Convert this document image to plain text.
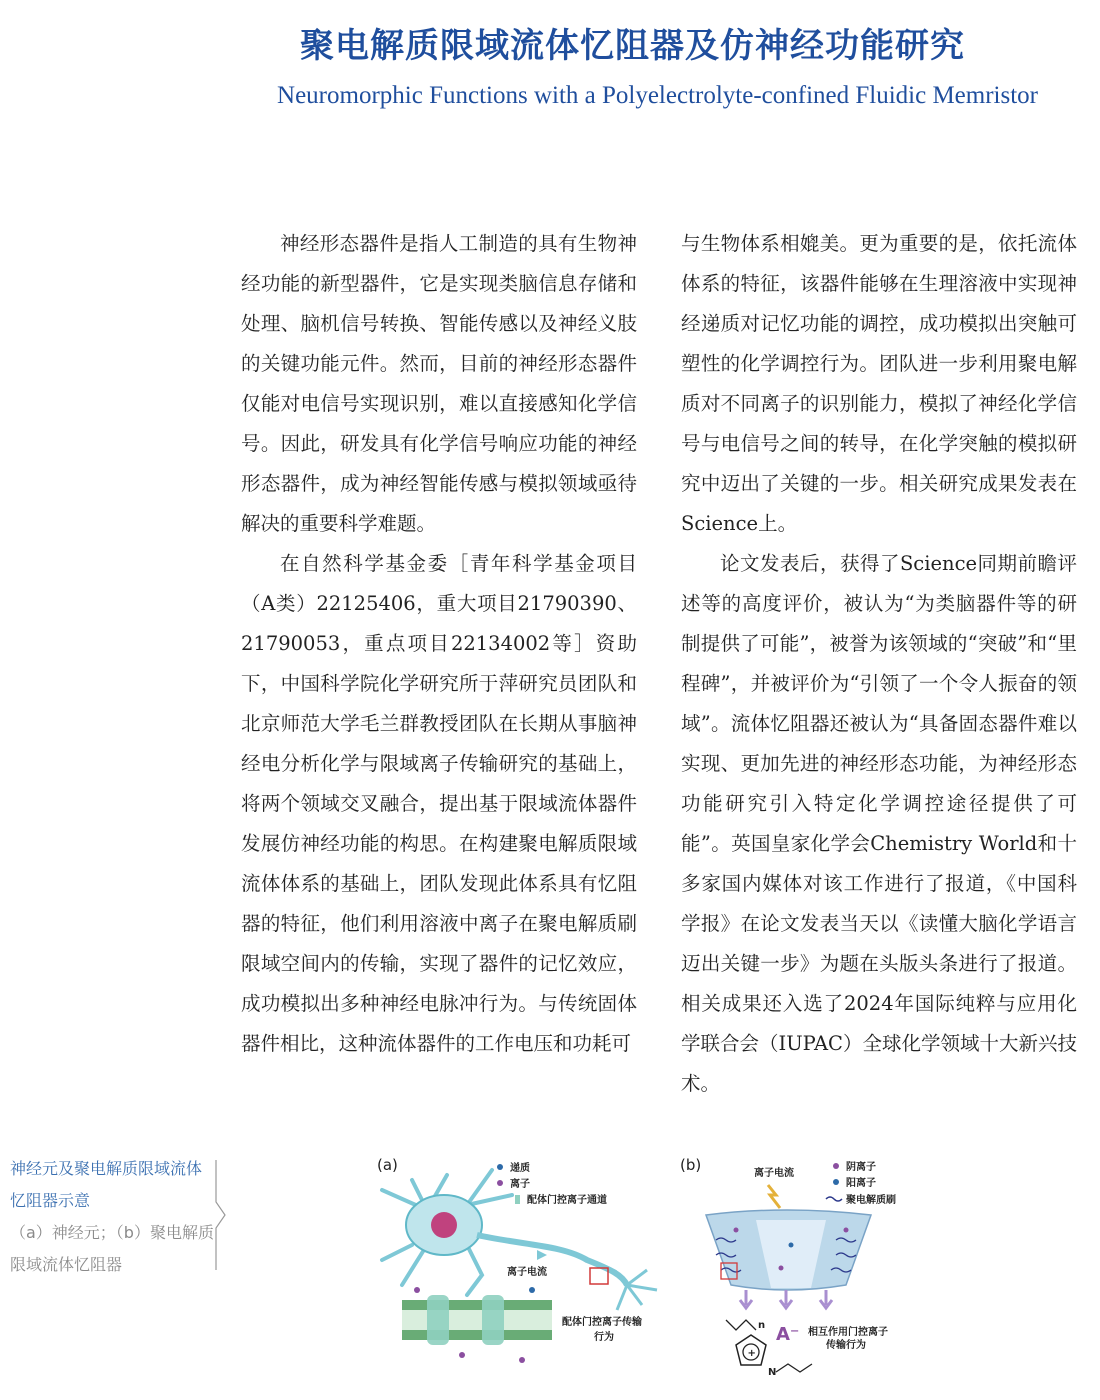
聚电解质限域流体忆阻器及仿神经功能研究
Neuromorphic Functions with a Polyelectrolyte-confined Fluidic Memristor

神经形态器件是指人工制造的具有生物神经功能的新型器件，它是实现类脑信息存储和处理、脑机信号转换、智能传感以及神经义肢的关键功能元件。然而，目前的神经形态器件仅能对电信号实现识别，难以直接感知化学信号。因此，研发具有化学信号响应功能的神经形态器件，成为神经智能传感与模拟领域亟待解决的重要科学难题。

在自然科学基金委［青年科学基金项目（A类）22125406，重大项目21790390、21790053，重点项目22134002等］资助下，中国科学院化学研究所于萍研究员团队和北京师范大学毛兰群教授团队在长期从事脑神经电分析化学与限域离子传输研究的基础上，将两个领域交叉融合，提出基于限域流体器件发展仿神经功能的构思。在构建聚电解质限域流体体系的基础上，团队发现此体系具有忆阻器的特征，他们利用溶液中离子在聚电解质刷限域空间内的传输，实现了器件的记忆效应，成功模拟出多种神经电脉冲行为。与传统固体器件相比，这种流体器件的工作电压和功耗可

与生物体系相媲美。更为重要的是，依托流体体系的特征，该器件能够在生理溶液中实现神经递质对记忆功能的调控，成功模拟出突触可塑性的化学调控行为。团队进一步利用聚电解质对不同离子的识别能力，模拟了神经化学信号与电信号之间的转导，在化学突触的模拟研究中迈出了关键的一步。相关研究成果发表在Science上。

论文发表后，获得了Science同期前瞻评述等的高度评价，被认为“为类脑器件等的研制提供了可能”，被誉为该领域的“突破”和“里程碑”，并被评价为“引领了一个令人振奋的领域”。流体忆阻器还被认为“具备固态器件难以实现、更加先进的神经形态功能，为神经形态功能研究引入特定化学调控途径提供了可能”。英国皇家化学会Chemistry World和十多家国内媒体对该工作进行了报道，《中国科学报》在论文发表当天以《读懂大脑化学语言迈出关键一步》为题在头版头条进行了报道。相关成果还入选了2024年国际纯粹与应用化学联合会（IUPAC）全球化学领域十大新兴技术。

神经元及聚电解质限域流体忆阻器示意
（a）神经元；（b）聚电解质限域流体忆阻器
(a)	递质
离子
配体门控离子通道
离子电流
配体门控离子传输
行为
(b)	离子电流
阴离子
阳离子
聚电解质刷
+
N
n A⁻ 相互作用门控离子
传输行为
